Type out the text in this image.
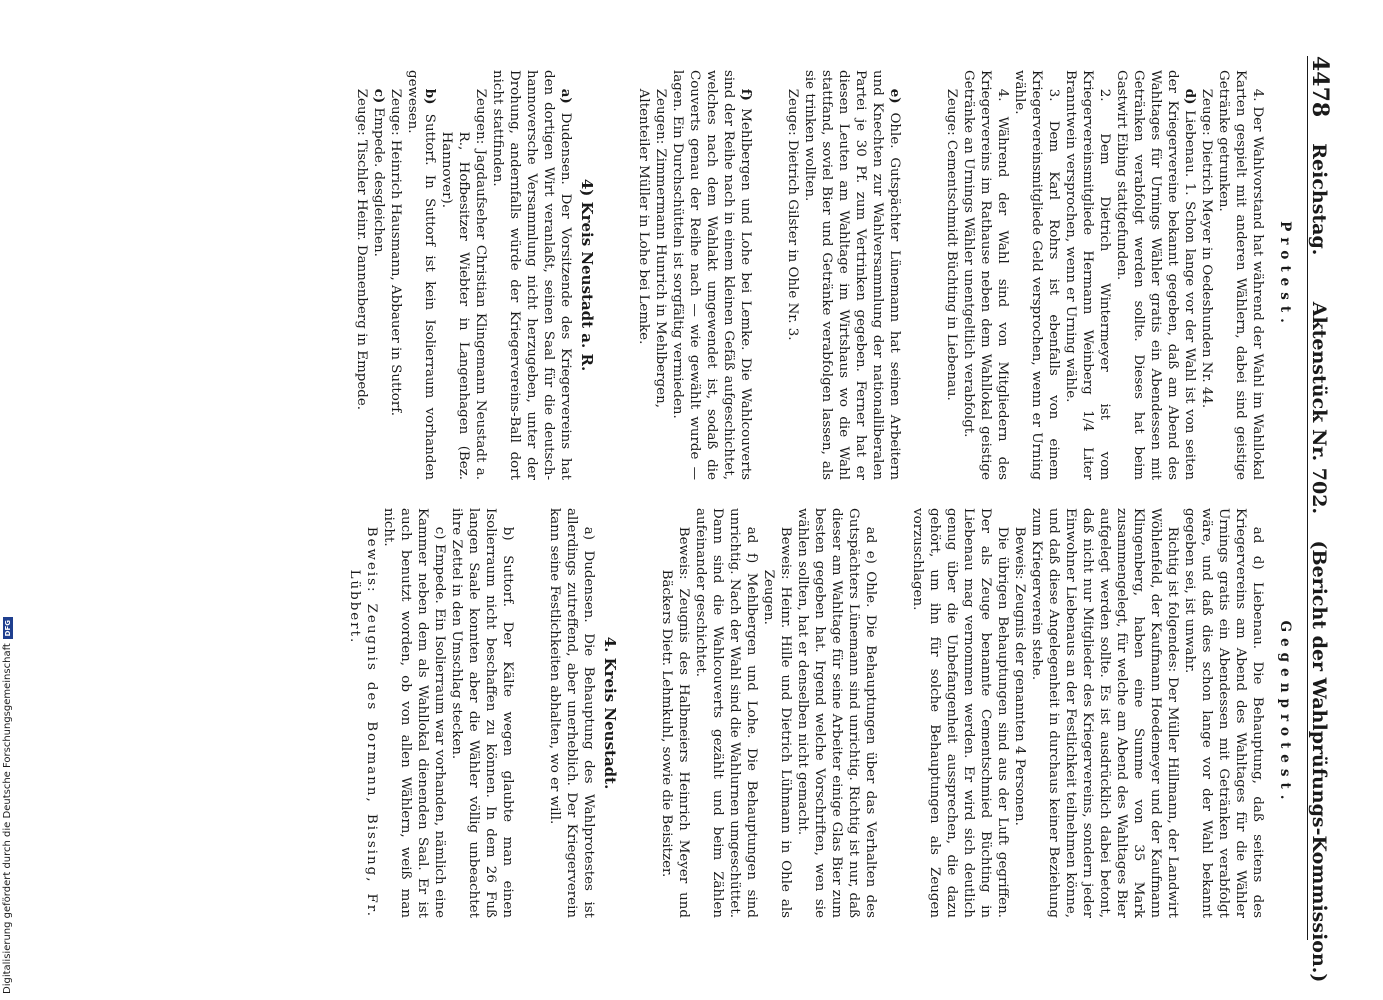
4478
Reichstag.       Aktenstück Nr. 702.    (Bericht der Wahlprüfungs-Kommission.)
Protest.

4. Der Wahlvorstand hat während der Wahl im Wahllokal Karten gespielt mit anderen Wählern, dabei sind geistige Getränke getrunken.

Zeuge: Dietrich Meyer in Oedeshunden Nr. 44.

d) Liebenau. 1. Schon lange vor der Wahl ist von seiten der Kriegervereine bekannt gegeben, daß am Abend des Wahltages für Urnings Wähler gratis ein Abendessen mit Getränken verabfolgt werden sollte. Dieses hat beim Gastwirt Eibing stattgefunden.

2. Dem Dietrich Wintermeyer ist vom Kriegervereinsmitgliede Hermann Weinberg 1/4 Liter Branntwein versprochen, wenn er Urning wähle.

3. Dem Karl Rohrs ist ebenfalls von einem Kriegervereinsmitgliede Geld versprochen, wenn er Urning wähle.

4. Während der Wahl sind von Mitgliedern des Kriegervereins im Rathause neben dem Wahllokal geistige Getränke an Urnings Wähler unentgeltlich verabfolgt.

Zeuge: Cementschmidt Büchting in Liebenau.

e) Ohle. Gutspächter Lünemann hat seinen Arbeitern und Knechten zur Wahlversammlung der nationalliberalen Partei je 30 Pf. zum Vertrinken gegeben. Ferner hat er diesen Leuten am Wahltage im Wirtshaus wo die Wahl stattfand, soviel Bier und Getränke verabfolgen lassen, als sie trinken wollten.

Zeuge: Dietrich Gilster in Ohle Nr. 3.

f) Mehlbergen und Lohe bei Lemke. Die Wahlcouverts sind der Reihe nach in einem kleinen Gefäß aufgeschichtet, welches nach dem Wahlakt umgewendet ist, sodaß die Couverts genau der Reihe nach — wie gewählt wurde — lagen. Ein Durchschütteln ist sorgfältig vermieden.

Zeugen: Zimmermann Hunrich in Mehlbergen,

Altenteiler Müller in Lohe bei Lemke.

4) Kreis Neustadt a. R.

a) Dudensen. Der Vorsitzende des Kriegervereins hat den dortigen Wirt veranlaßt, seinen Saal für die deutsch-hannoversche Versammlung nicht herzugeben, unter der Drohung, andernfalls würde der Kriegervereins-Ball dort nicht stattfinden.

Zeugen: Jagdaufseher Christian Klingemann Neustadt a. R., Hofbesitzer Wiebter in Langenhagen (Bez. Hannover).

b) Suttorf. In Suttorf ist kein Isolierraum vorhanden gewesen.

Zeuge: Heinrich Hausmann, Abbauer in Suttorf.

c) Empede. desgleichen.

Zeuge: Tischler Heinr. Dannenberg in Empede.

Gegenprotest.

ad d) Liebenau. Die Behauptung, daß seitens des Kriegervereins am Abend des Wahltages für die Wähler Urnings gratis ein Abendessen mit Getränken verabfolgt wäre, und daß dies schon lange vor der Wahl bekannt gegeben sei, ist unwahr.

Richtig ist folgendes: Der Müller Hillmann, der Landwirt Wöhlenfeld, der Kaufmann Hoedemeyer und der Kaufmann Klingenberg, haben eine Summe von 35 Mark zusammengelegt, für welche am Abend des Wahltages Bier aufgelegt werden sollte. Es ist ausdrücklich dabei betont, daß nicht nur Mitglieder des Kriegervereins, sondern jeder Einwohner Liebenaus an der Festlichkeit teilnehmen könne, und daß diese Angelegenheit in durchaus keiner Beziehung zum Kriegerverein stehe.

Beweis: Zeugnis der genannten 4 Personen.

Die übrigen Behauptungen sind aus der Luft gegriffen. Der als Zeuge benannte Cementschmied Büchting in Liebenau mag vernommen werden. Er wird sich deutlich genug über die Unbefangenheit aussprechen, die dazu gehört, um ihn für solche Behauptungen als Zeugen vorzuschlagen.

ad e) Ohle. Die Behauptungen über das Verhalten des Gutspächters Lünemann sind unrichtig. Richtig ist nur, daß dieser am Wahltage für seine Arbeiter einige Glas Bier zum besten gegeben hat. Irgend welche Vorschriften, wen sie wählen sollten, hat er denselben nicht gemacht.

Beweis: Heinr. Hille und Dietrich Lühmann in Ohle als Zeugen.

ad f) Mehlbergen und Lohe. Die Behauptungen sind unrichtig. Nach der Wahl sind die Wahlurnen umgeschüttet. Dann sind die Wahlcouverts gezählt und beim Zählen aufeinander geschichtet.

Beweis: Zeugnis des Halbmeiers Heinrich Meyer und Bäckers Dietr. Lehmkuhl, sowie die Beisitzer.

4. Kreis Neustadt.

a) Dudensen. Die Behauptung des Wahlprotestes ist allerdings zutreffend, aber unerheblich. Der Kriegerverein kann seine Festlichkeiten abhalten, wo er will.

b) Suttorf. Der Kälte wegen glaubte man einen Isolierraum nicht beschaffen zu können. In dem 26 Fuß langen Saale konnten aber die Wähler völlig unbeachtet ihre Zettel in den Umschlag stecken.

c) Empede. Ein Isolierraum war vorhanden, nämlich eine Kammer neben dem als Wahllokal dienenden Saal. Er ist auch benutzt worden, ob von allen Wählern, weiß man nicht.

Beweis: Zeugnis des Bormann, Bissing, Fr. Lübbert.

Digitalisierung gefördert durch die Deutsche Forschungsgemeinschaft
DFG
